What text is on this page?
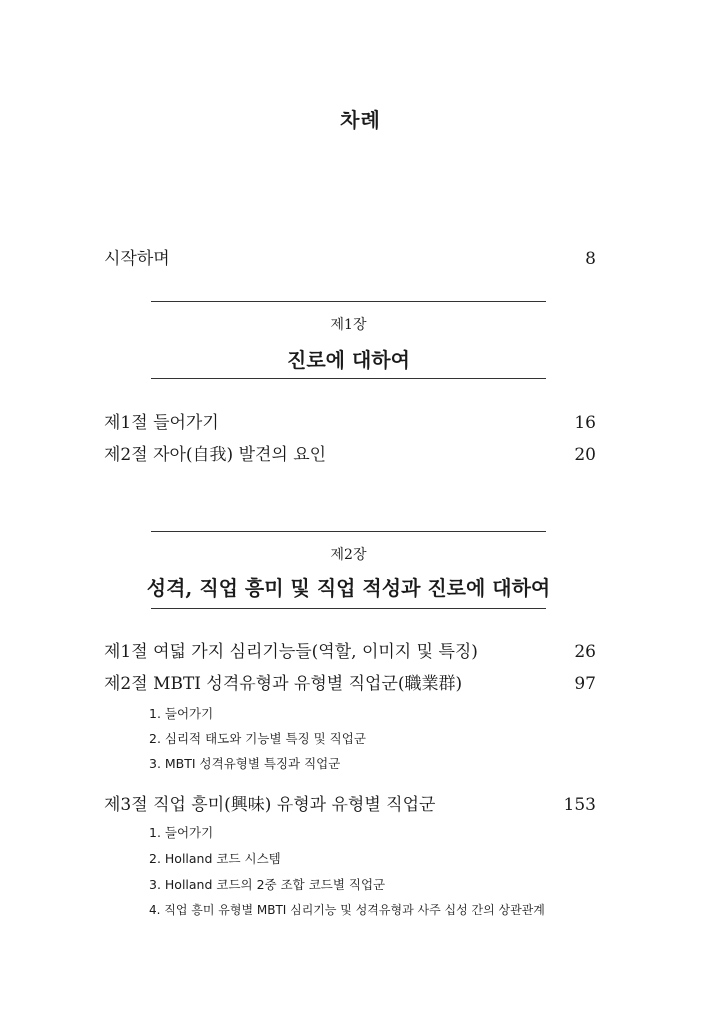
차례
시작하며	8
제1장
진로에 대하여
제1절 들어가기	16
제2절 자아(自我) 발견의 요인	20
제2장
성격, 직업 흥미 및 직업 적성과 진로에 대하여
제1절 여덟 가지 심리기능들(역할, 이미지 및 특징)	26
제2절 MBTI 성격유형과 유형별 직업군(職業群)	97
1. 들어가기
2. 심리적 태도와 기능별 특징 및 직업군
3. MBTI 성격유형별 특징과 직업군
제3절 직업 흥미(興味) 유형과 유형별 직업군	153
1. 들어가기
2. Holland 코드 시스템
3. Holland 코드의 2중 조합 코드별 직업군
4. 직업 흥미 유형별 MBTI 심리기능 및 성격유형과 사주 십성 간의 상관관계
